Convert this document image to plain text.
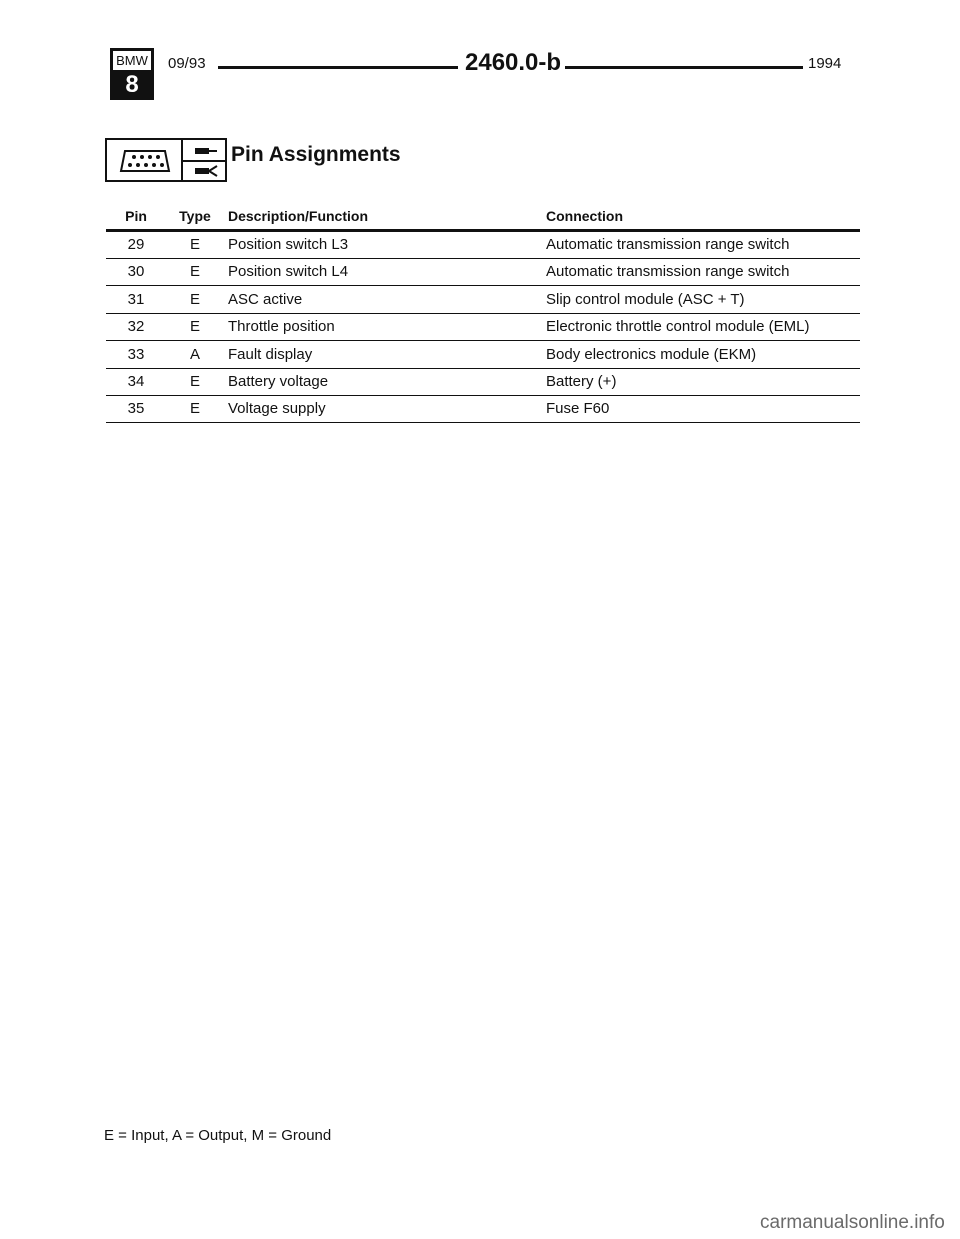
BMW
8
09/93	2460.0-b	1994
Pin Assignments
Pin	Type Description/Function	Connection
29	E	Position switch L3	Automatic transmission range switch
30	E	Position switch L4	Automatic transmission range switch
31	E	ASC active	Slip control module (ASC + T)
32	E	Throttle position	Electronic throttle control module (EML)
33	A	Fault display	Body electronics module (EKM)
34	E	Battery voltage	Battery (+)
35	E	Voltage supply	Fuse F60
E = Input, A = Output, M = Ground
carmanualsonline.info
